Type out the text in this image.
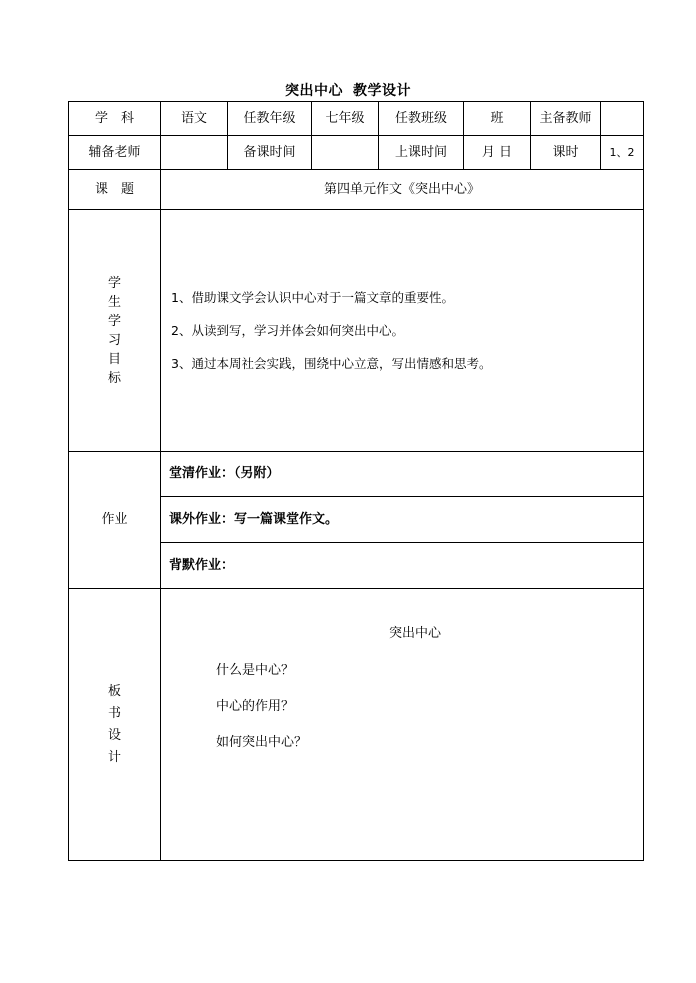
突出中心 教学设计
学　科	语文	任教年级	七年级	任教班级	班	主备教师	
辅备老师		备课时间		上课时间	月 日	课时	1、2
课　题	第四单元作文《突出中心》						
学生学习目标	1、借助课文学会认识中心对于一篇文章的重要性。
2、从读到写，学习并体会如何突出中心。
3、通过本周社会实践，围绕中心立意，写出情感和思考。						

作业	堂清作业：（另附）						
	课外作业：写一篇课堂作文。						
	背默作业：						
板书设计	突出中心
什么是中心？
中心的作用？
如何突出中心？						
